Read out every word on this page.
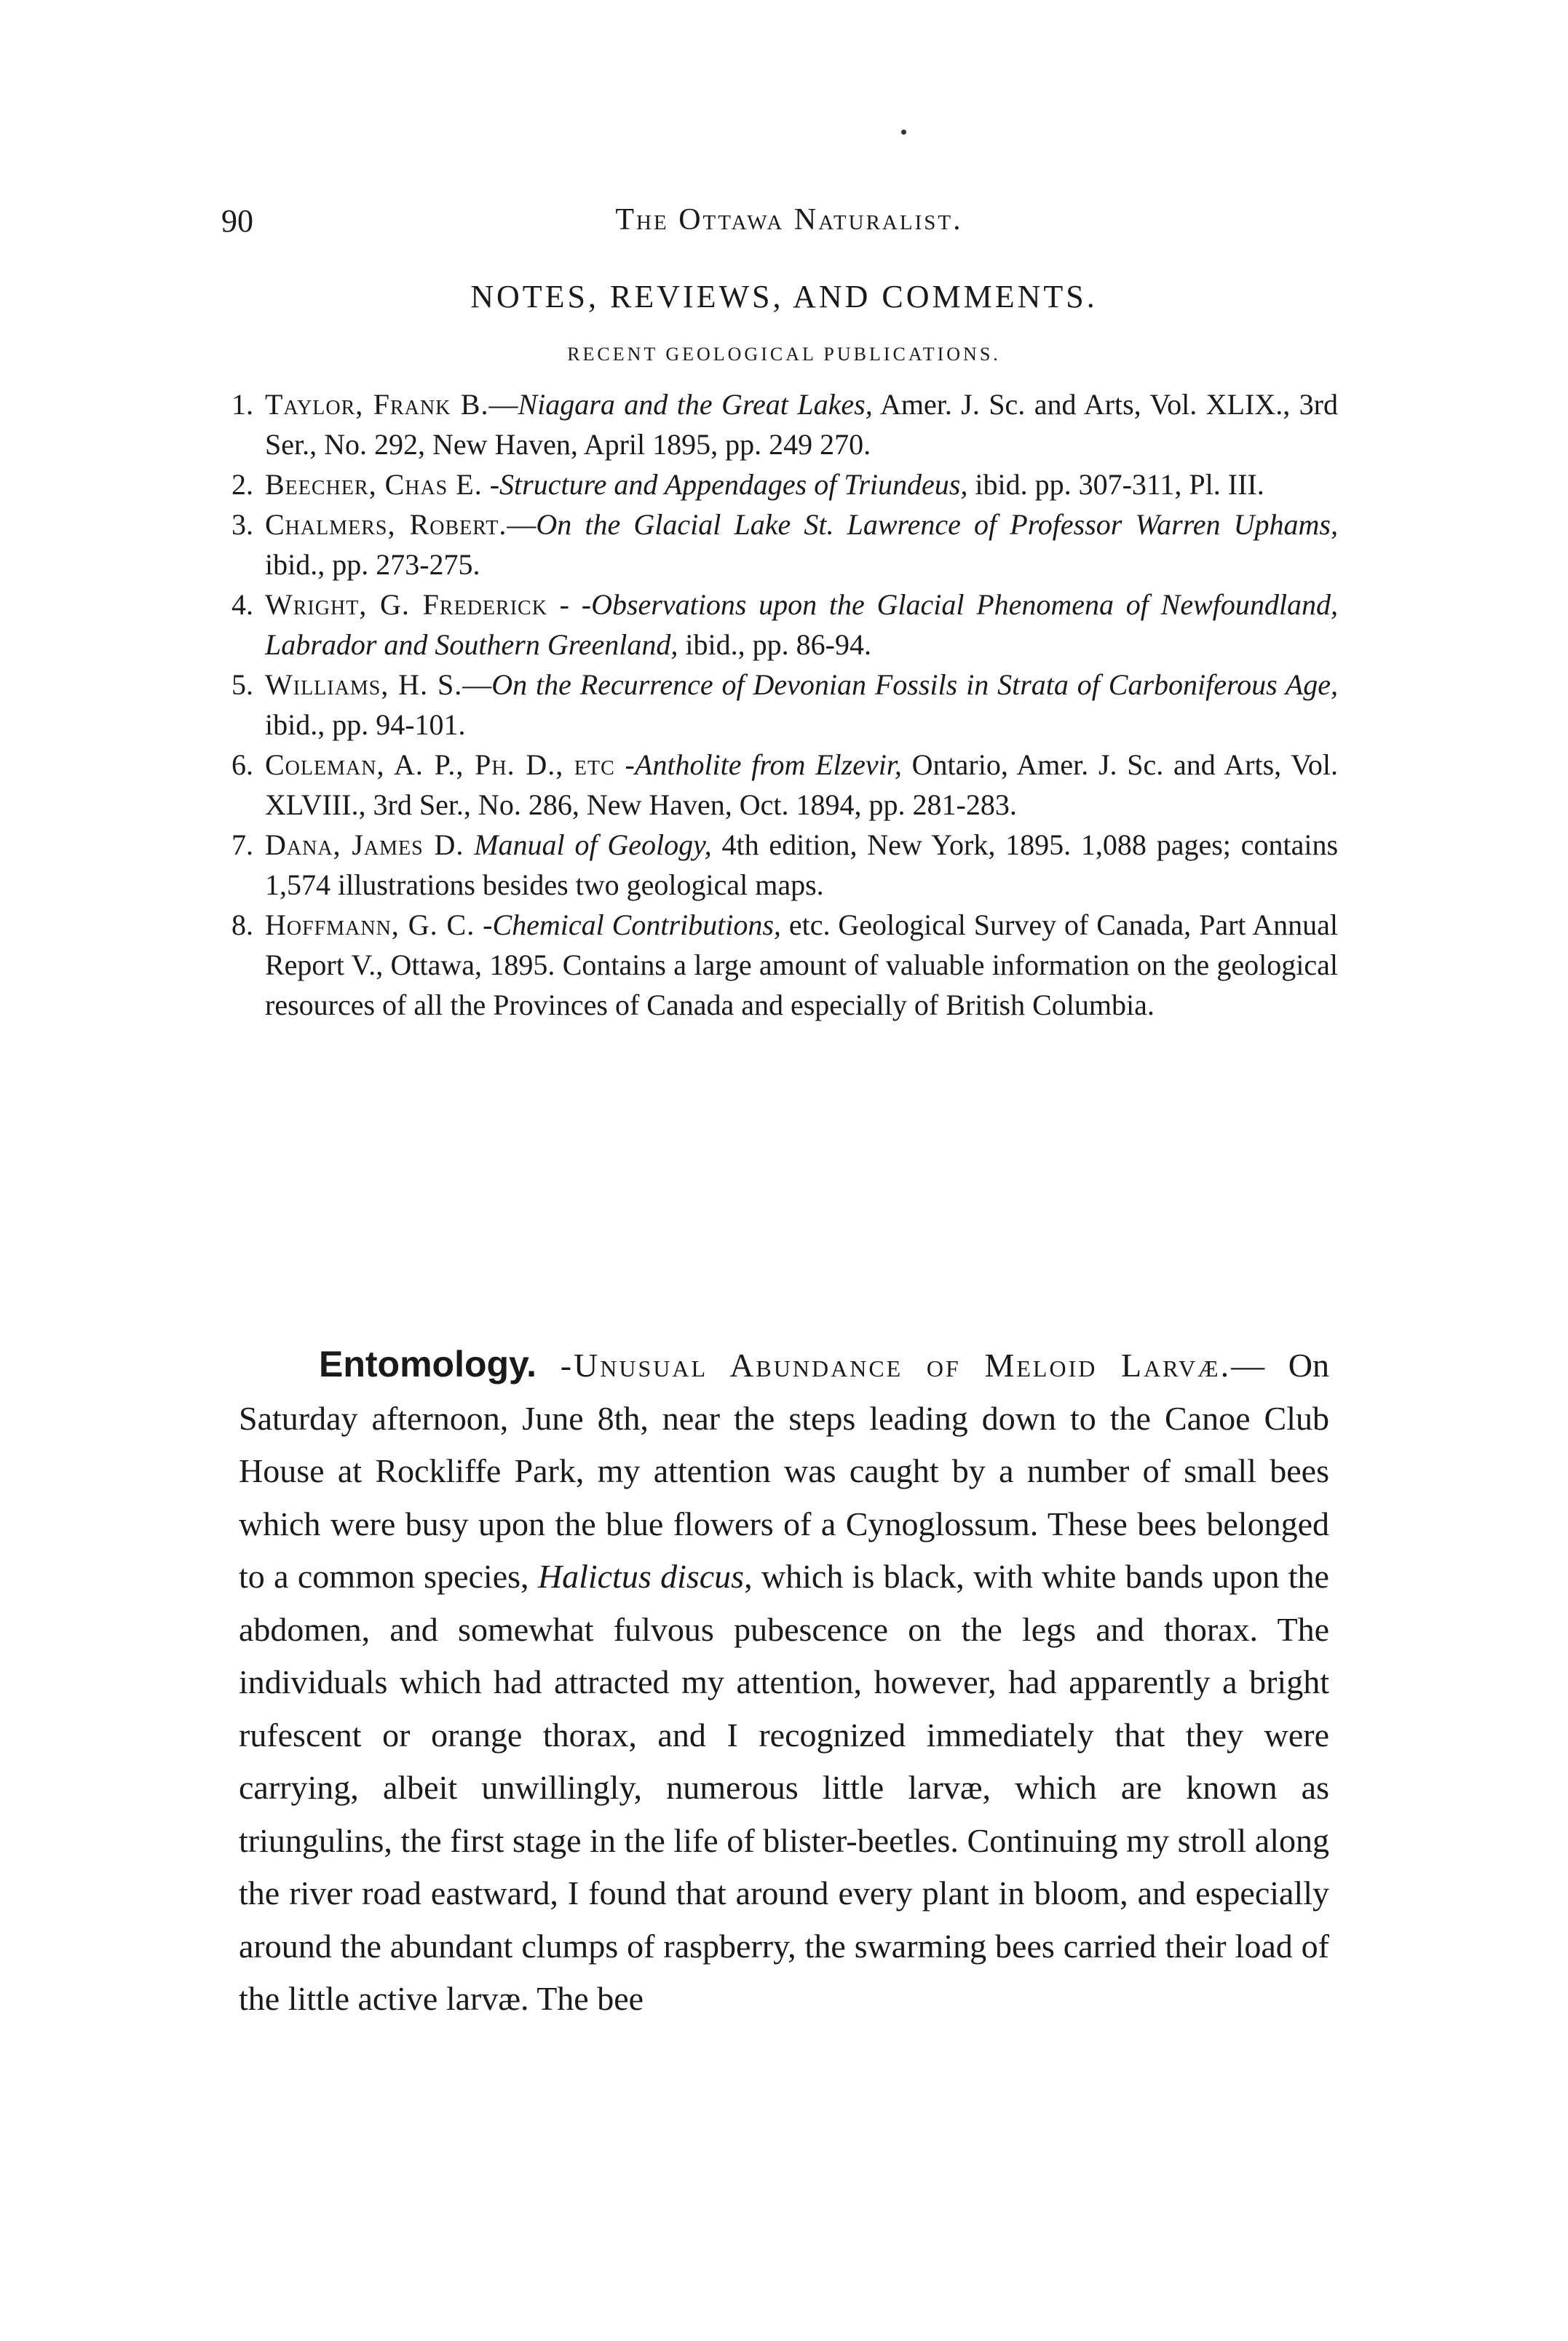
90	The Ottawa Naturalist.
NOTES, REVIEWS, AND COMMENTS.
RECENT GEOLOGICAL PUBLICATIONS.
1. Taylor, Frank B.—Niagara and the Great Lakes, Amer. J. Sc. and Arts, Vol. XLIX., 3rd Ser., No. 292, New Haven, April 1895, pp. 249 270.
2. Beecher, Chas E. -Structure and Appendages of Triundeus, ibid. pp. 307-311, Pl. III.
3. Chalmers, Robert.—On the Glacial Lake St. Lawrence of Professor Warren Uphams, ibid., pp. 273-275.
4. Wright, G. Frederick - -Observations upon the Glacial Phenomena of Newfoundland, Labrador and Southern Greenland, ibid., pp. 86-94.
5. Williams, H. S.—On the Recurrence of Devonian Fossils in Strata of Carboniferous Age, ibid., pp. 94-101.
6. Coleman, A. P., Ph. D., etc -Antholite from Elzevir, Ontario, Amer. J. Sc. and Arts, Vol. XLVIII., 3rd Ser., No. 286, New Haven, Oct. 1894, pp. 281-283.
7. Dana, James D. Manual of Geology, 4th edition, New York, 1895. 1,088 pages; contains 1,574 illustrations besides two geological maps.
8. Hoffmann, G. C. -Chemical Contributions, etc. Geological Survey of Canada, Part Annual Report V., Ottawa, 1895. Contains a large amount of valuable information on the geological resources of all the Provinces of Canada and especially of British Columbia.

Entomology. -Unusual Abundance of Meloid Larvæ.— On Saturday afternoon, June 8th, near the steps leading down to the Canoe Club House at Rockliffe Park, my attention was caught by a number of small bees which were busy upon the blue flowers of a Cynoglossum. These bees belonged to a common species, Halictus discus, which is black, with white bands upon the abdomen, and somewhat fulvous pubescence on the legs and thorax. The individuals which had attracted my attention, however, had apparently a bright rufescent or orange thorax, and I recognized immediately that they were carrying, albeit unwillingly, numerous little larvæ, which are known as triungulins, the first stage in the life of blister-beetles. Continuing my stroll along the river road eastward, I found that around every plant in bloom, and especially around the abundant clumps of raspberry, the swarming bees carried their load of the little active larvæ. The bee
